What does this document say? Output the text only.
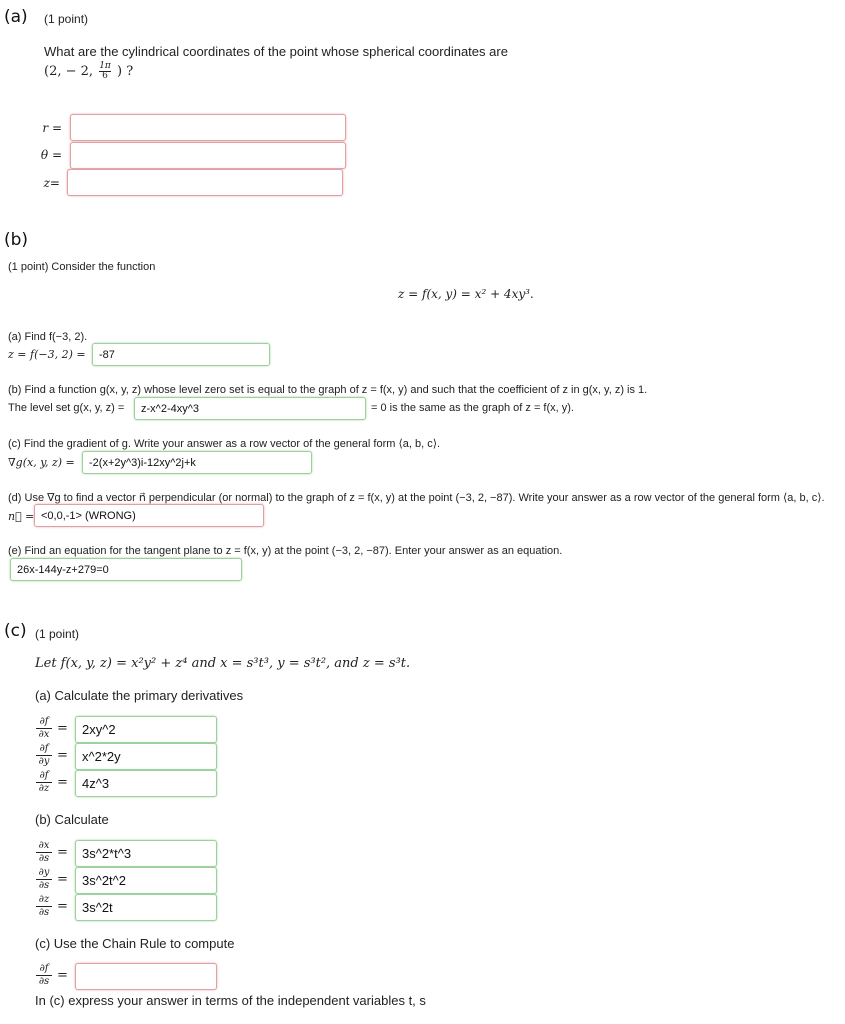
(a) (1 point)
What are the cylindrical coordinates of the point whose spherical coordinates are
(2, − 2, $\frac{1\pi}{6}$ ) ?
r =
θ =
z=
(b)
(1 point) Consider the function
z = f(x, y) = x² + 4xy³.
(a) Find f(−3, 2).
z = f(−3, 2) =	-87
(b) Find a function g(x, y, z) whose level zero set is equal to the graph of z = f(x, y) and such that the coefficient of z in g(x, y, z) is 1.
The level set g(x, y, z) =	z-x^2-4xy^3	= 0 is the same as the graph of z = f(x, y).
(c) Find the gradient of g. Write your answer as a row vector of the general form ⟨a, b, c⟩.
∇g(x, y, z) =	-2(x+2y^3)i-12xy^2j+k
(d) Use ∇g to find a vector n⃗ perpendicular (or normal) to the graph of z = f(x, y) at the point (−3, 2, −87). Write your answer as a row vector of the general form ⟨a, b, c⟩.
n⃗ = <0,0,-1> (WRONG)
(e) Find an equation for the tangent plane to z = f(x, y) at the point (−3, 2, −87). Enter your answer as an equation.
26x-144y-z+279=0
(c) (1 point)
Let f(x, y, z) = x²y² + z⁴ and x = s³t³, y = s³t², and z = s³t.
(a) Calculate the primary derivatives
$\frac{\partial f}{\partial x}$ =	2xy^2
$\frac{\partial f}{\partial y}$ =	x^2*2y
$\frac{\partial f}{\partial z}$ =	4z^3
(b) Calculate
$\frac{\partial x}{\partial s}$ =	3s^2*t^3
$\frac{\partial y}{\partial s}$ =	3s^2t^2
$\frac{\partial z}{\partial s}$ =	3s^2t
(c) Use the Chain Rule to compute
$\frac{\partial f}{\partial s}$ =
In (c) express your answer in terms of the independent variables t, s
